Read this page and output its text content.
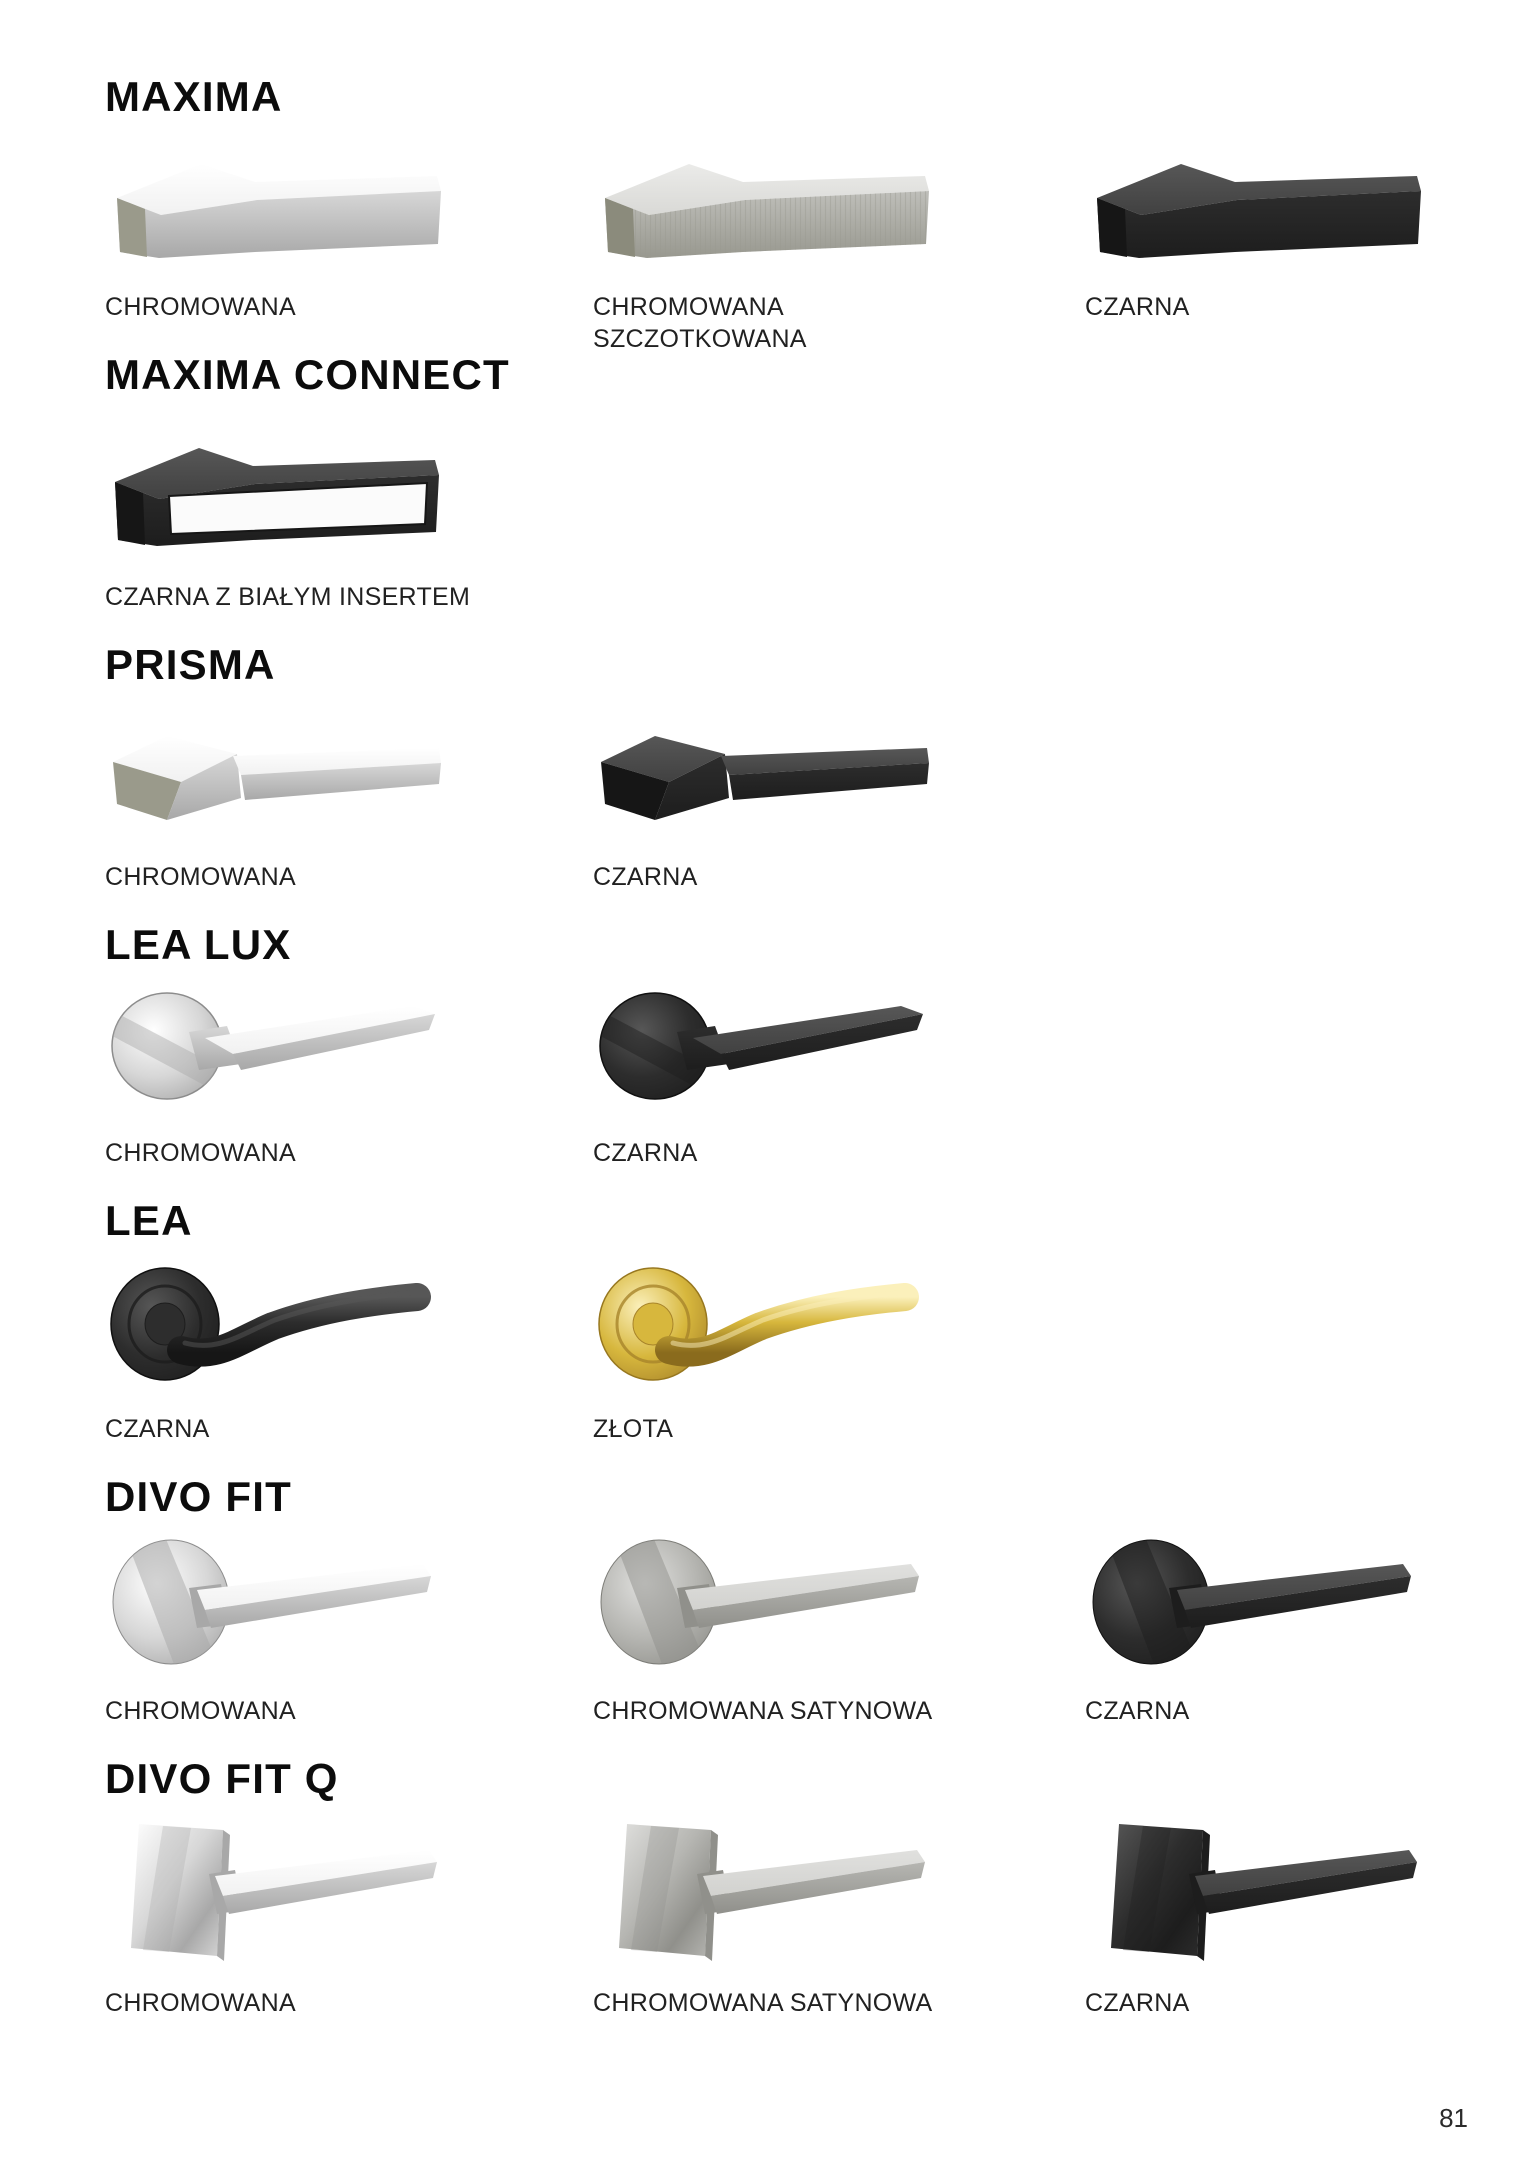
MAXIMA
CHROMOWANA	CHROMOWANA SZCZOTKOWANA
CZARNA
MAXIMA CONNECT
CZARNA Z BIAŁYM INSERTEM
PRISMA
CHROMOWANA	CZARNA
LEA LUX
CHROMOWANA	CZARNA
LEA
CZARNA	ZŁOTA
DIVO FIT
CHROMOWANA	CHROMOWANA SATYNOWA	CZARNA
DIVO FIT Q
CHROMOWANA	CHROMOWANA SATYNOWA	CZARNA
81
